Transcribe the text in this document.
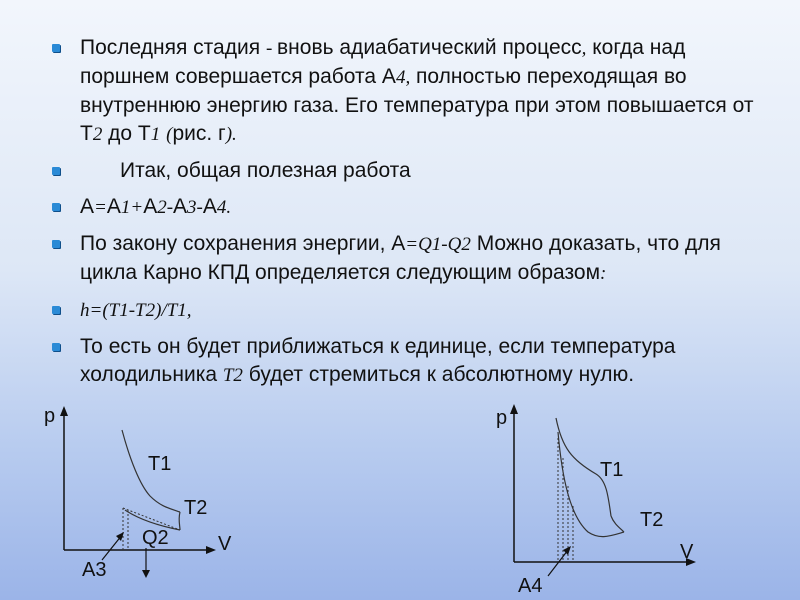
Последняя стадия - вновь адиабатический процесс, когда над поршнем совершается работа А4, полностью переходящая во внутреннюю энергию газа. Его температура при этом повышается от Т2 до Т1 (рис. г).
Итак, общая полезная работа
А=А1+А2-А3-А4.
По закону сохранения энергии, А=Q1-Q2 Можно доказать, что для цикла Карно КПД определяется следующим образом:
h=(T1-T2)/T1,
То есть он будет приближаться к единице, если температура холодильника T2 будет стремиться к абсолютному нулю.
p
V
T1
T2
Q2
A3
p
V
T1
T2
A4
